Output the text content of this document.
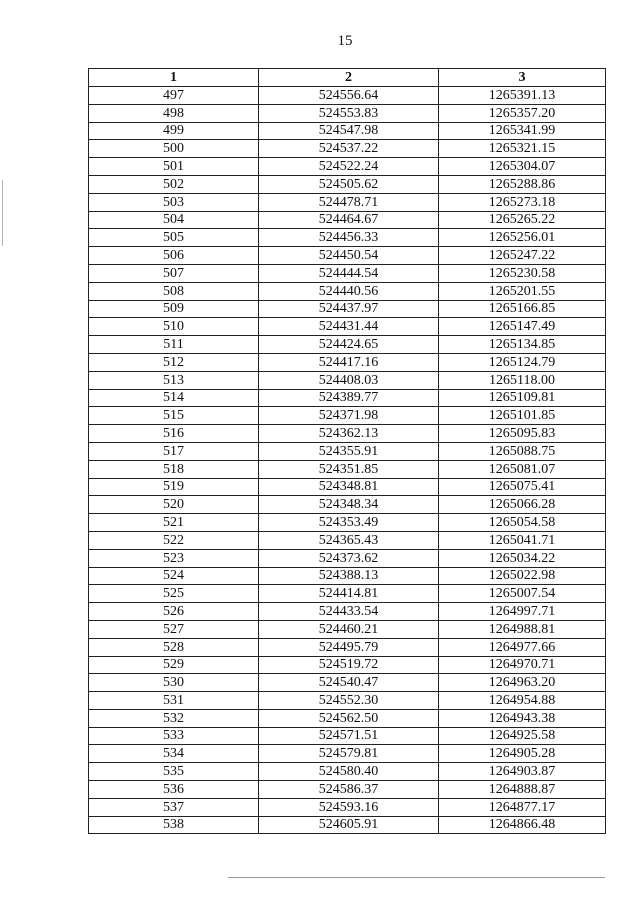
15
1	2	3
497	524556.64	1265391.13
498	524553.83	1265357.20
499	524547.98	1265341.99
500	524537.22	1265321.15
501	524522.24	1265304.07
502	524505.62	1265288.86
503	524478.71	1265273.18
504	524464.67	1265265.22
505	524456.33	1265256.01
506	524450.54	1265247.22
507	524444.54	1265230.58
508	524440.56	1265201.55
509	524437.97	1265166.85
510	524431.44	1265147.49
511	524424.65	1265134.85
512	524417.16	1265124.79
513	524408.03	1265118.00
514	524389.77	1265109.81
515	524371.98	1265101.85
516	524362.13	1265095.83
517	524355.91	1265088.75
518	524351.85	1265081.07
519	524348.81	1265075.41
520	524348.34	1265066.28
521	524353.49	1265054.58
522	524365.43	1265041.71
523	524373.62	1265034.22
524	524388.13	1265022.98
525	524414.81	1265007.54
526	524433.54	1264997.71
527	524460.21	1264988.81
528	524495.79	1264977.66
529	524519.72	1264970.71
530	524540.47	1264963.20
531	524552.30	1264954.88
532	524562.50	1264943.38
533	524571.51	1264925.58
534	524579.81	1264905.28
535	524580.40	1264903.87
536	524586.37	1264888.87
537	524593.16	1264877.17
538	524605.91	1264866.48
